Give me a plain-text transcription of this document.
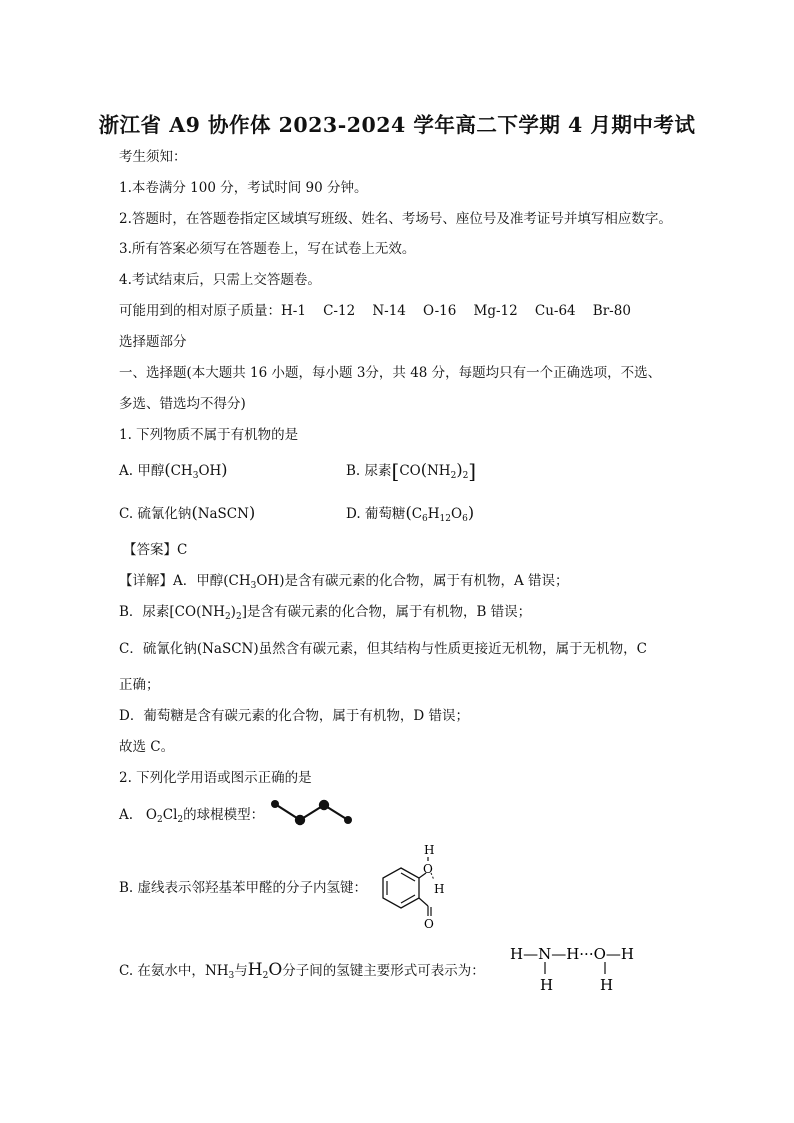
浙江省 A9 协作体 2023-2024 学年高二下学期 4 月期中考试
考生须知：
1.本卷满分 100 分，考试时间 90 分钟。
2.答题时，在答题卷指定区域填写班级、姓名、考场号、座位号及准考证号并填写相应数字。
3.所有答案必须写在答题卷上，写在试卷上无效。
4.考试结束后，只需上交答题卷。
可能用到的相对原子质量：H-1    C-12    N-14    O-16    Mg-12    Cu-64    Br-80
选择题部分
一、选择题(本大题共 16 小题，每小题 3分，共 48 分，每题均只有一个正确选项，不选、
多选、错选均不得分)
1. 下列物质不属于有机物的是
A. 甲醇$(CH_3OH)$	B. 尿素$[CO(NH_2)_2]$
C. 硫氰化钠(NaSCN)	D. 葡萄糖$(C_6H_{12}O_6)$
【答案】C
【详解】A．甲醇$(CH_3OH)$是含有碳元素的化合物，属于有机物，A 错误；
B．尿素$[CO(NH_2)_2]$是含有碳元素的化合物，属于有机物，B 错误；
C．硫氰化钠(NaSCN)虽然含有碳元素，但其结构与性质更接近无机物，属于无机物，C
正确；
D．葡萄糖是含有碳元素的化合物，属于有机物，D 错误；
故选 C。
2. 下列化学用语或图示正确的是
A. $O_2Cl_2$的球棍模型：
B. 虚线表示邻羟基苯甲醛的分子内氢键：
H
O
H
O
C. 在氨水中，$NH_3$与$H_2O$分子间的氢键主要形式可表示为：
H—N—H···O—H
H	H
